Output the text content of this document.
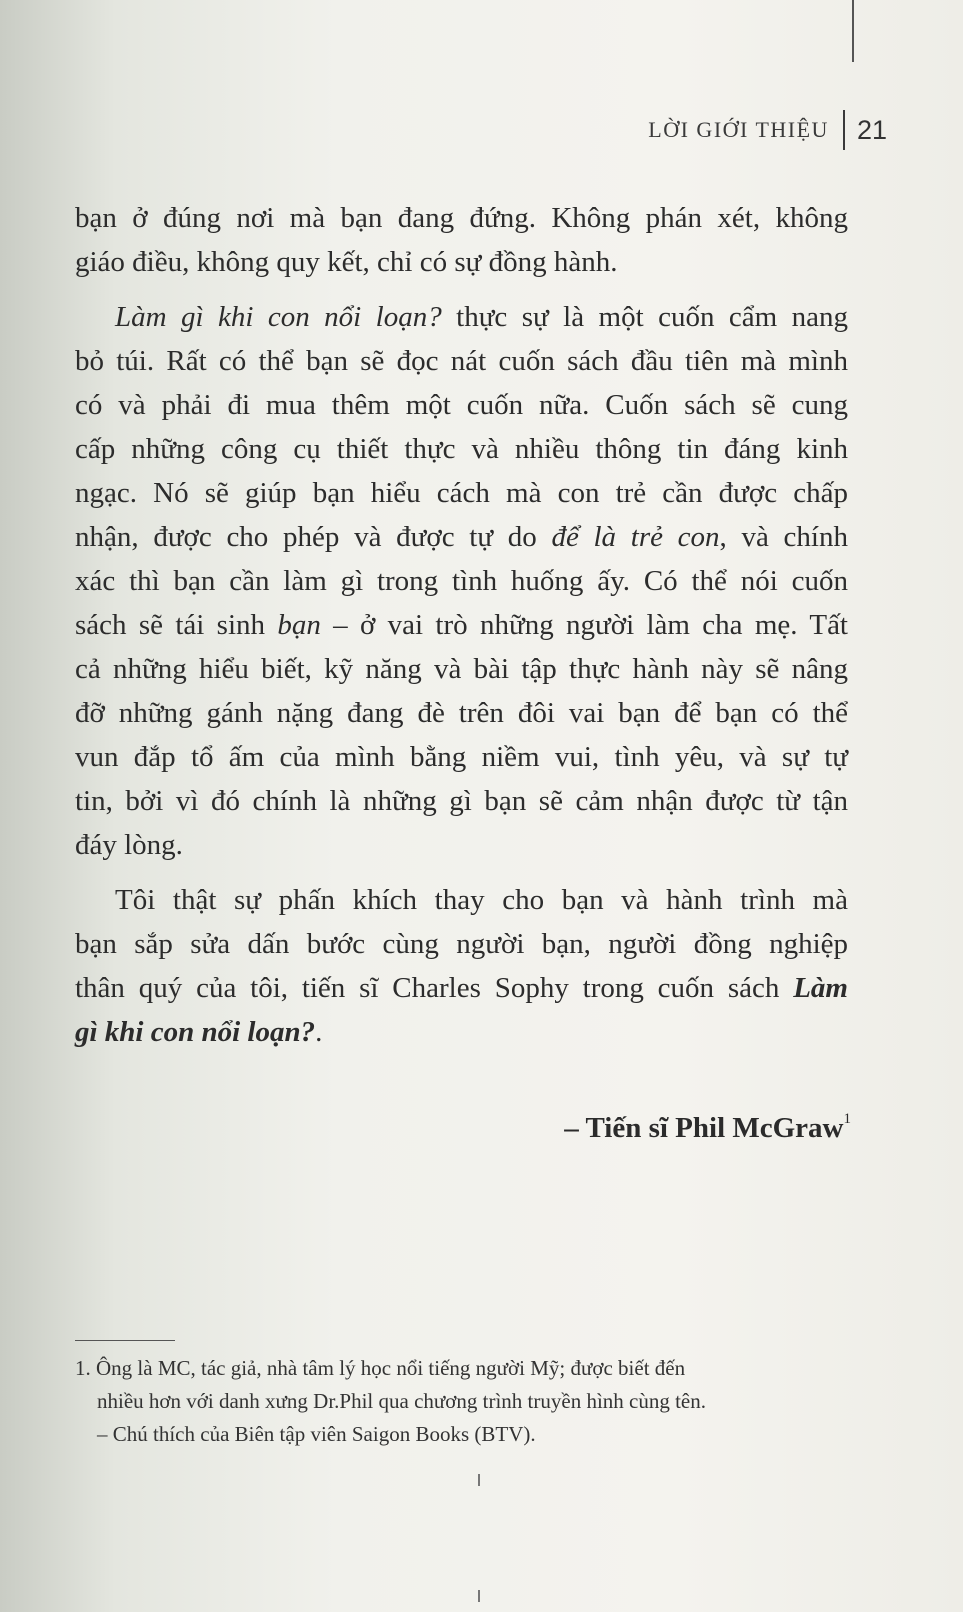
LỜI GIỚI THIỆU	21

bạn ở đúng nơi mà bạn đang đứng. Không phán xét, không
giáo điều, không quy kết, chỉ có sự đồng hành.

Làm gì khi con nổi loạn? thực sự là một cuốn cẩm nang
bỏ túi. Rất có thể bạn sẽ đọc nát cuốn sách đầu tiên mà mình
có và phải đi mua thêm một cuốn nữa. Cuốn sách sẽ cung
cấp những công cụ thiết thực và nhiều thông tin đáng kinh
ngạc. Nó sẽ giúp bạn hiểu cách mà con trẻ cần được chấp
nhận, được cho phép và được tự do để là trẻ con, và chính
xác thì bạn cần làm gì trong tình huống ấy. Có thể nói cuốn
sách sẽ tái sinh bạn – ở vai trò những người làm cha mẹ. Tất
cả những hiểu biết, kỹ năng và bài tập thực hành này sẽ nâng
đỡ những gánh nặng đang đè trên đôi vai bạn để bạn có thể
vun đắp tổ ấm của mình bằng niềm vui, tình yêu, và sự tự
tin, bởi vì đó chính là những gì bạn sẽ cảm nhận được từ tận
đáy lòng.

Tôi thật sự phấn khích thay cho bạn và hành trình mà
bạn sắp sửa dấn bước cùng người bạn, người đồng nghiệp
thân quý của tôi, tiến sĩ Charles Sophy trong cuốn sách Làm
gì khi con nổi loạn?.

– Tiến sĩ Phil McGraw$^1$
1. Ông là MC, tác giả, nhà tâm lý học nổi tiếng người Mỹ; được biết đến
nhiều hơn với danh xưng Dr.Phil qua chương trình truyền hình cùng tên.
– Chú thích của Biên tập viên Saigon Books (BTV).
